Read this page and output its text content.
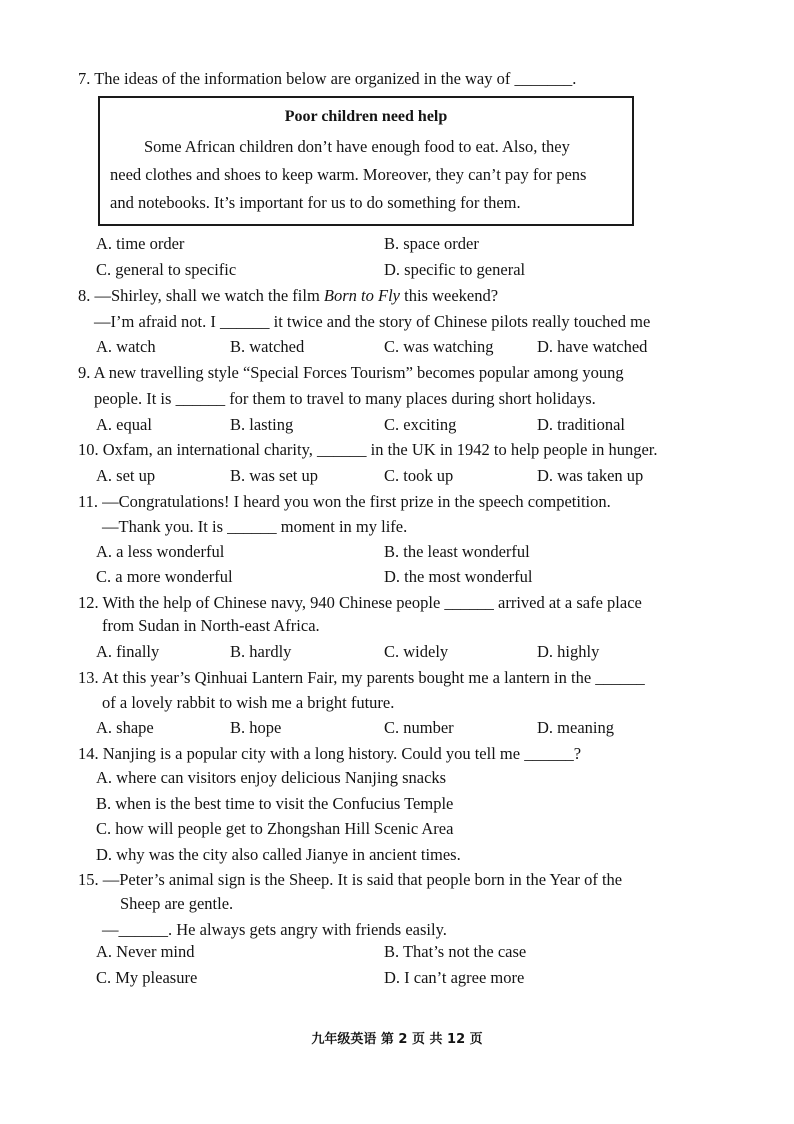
7. The ideas of the information below are organized in the way of _______.
Poor children need help
Some African children don’t have enough food to eat. Also, they
need clothes and shoes to keep warm. Moreover, they can’t pay for pens
and notebooks. It’s important for us to do something for them.
A. time order	B. space order
C. general to specific	D. specific to general
8. —Shirley, shall we watch the film Born to Fly this weekend?
—I’m afraid not. I ______ it twice and the story of Chinese pilots really touched me
A. watch	B. watched	C. was watching	D. have watched
9. A new travelling style “Special Forces Tourism” becomes popular among young
people. It is ______ for them to travel to many places during short holidays.
A. equal	B. lasting	C. exciting	D. traditional
10. Oxfam, an international charity, ______ in the UK in 1942 to help people in hunger.
A. set up	B. was set up	C. took up	D. was taken up
11. —Congratulations! I heard you won the first prize in the speech competition.
—Thank you. It is ______ moment in my life.
A. a less wonderful	B. the least wonderful
C. a more wonderful	D. the most wonderful
12. With the help of Chinese navy, 940 Chinese people ______ arrived at a safe place
from Sudan in North-east Africa.
A. finally	B. hardly	C. widely	D. highly
13. At this year’s Qinhuai Lantern Fair, my parents bought me a lantern in the ______
of a lovely rabbit to wish me a bright future.
A. shape	B. hope	C. number	D. meaning
14. Nanjing is a popular city with a long history. Could you tell me ______?
A. where can visitors enjoy delicious Nanjing snacks
B. when is the best time to visit the Confucius Temple
C. how will people get to Zhongshan Hill Scenic Area
D. why was the city also called Jianye in ancient times.
15. —Peter’s animal sign is the Sheep. It is said that people born in the Year of the
Sheep are gentle.
—______. He always gets angry with friends easily.
A. Never mind	B. That’s not the case
C. My pleasure	D. I can’t agree more
九年级英语 第 2 页 共 12 页
